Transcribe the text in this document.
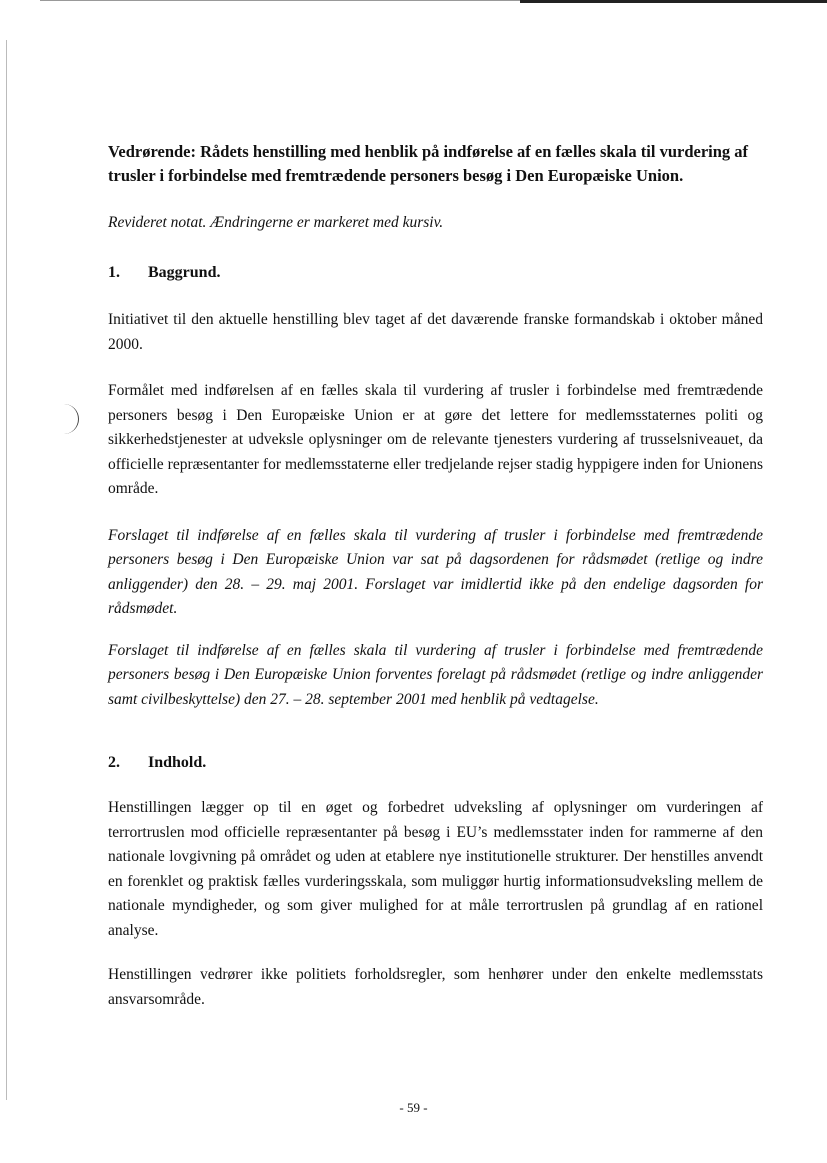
Vedrørende: Rådets henstilling med henblik på indførelse af en fælles skala til vurdering af trusler i forbindelse med fremtrædende personers besøg i Den Europæiske Union.

Revideret notat. Ændringerne er markeret med kursiv.

1.	Baggrund.

Initiativet til den aktuelle henstilling blev taget af det daværende franske formandskab i oktober måned 2000.

Formålet med indførelsen af en fælles skala til vurdering af trusler i forbindelse med fremtrædende personers besøg i Den Europæiske Union er at gøre det lettere for medlemsstaternes politi og sikkerhedstjenester at udveksle oplysninger om de relevante tjenesters vurdering af trusselsniveauet, da officielle repræsentanter for medlemsstaterne eller tredjelande rejser stadig hyppigere inden for Unionens område.

Forslaget til indførelse af en fælles skala til vurdering af trusler i forbindelse med fremtrædende personers besøg i Den Europæiske Union var sat på dagsordenen for rådsmødet (retlige og indre anliggender) den 28. – 29. maj 2001. Forslaget var imidlertid ikke på den endelige dagsorden for rådsmødet.

Forslaget til indførelse af en fælles skala til vurdering af trusler i forbindelse med fremtrædende personers besøg i Den Europæiske Union forventes forelagt på rådsmødet (retlige og indre anliggender samt civilbeskyttelse) den 27. – 28. september 2001 med henblik på vedtagelse.

2.	Indhold.

Henstillingen lægger op til en øget og forbedret udveksling af oplysninger om vurderingen af terrortruslen mod officielle repræsentanter på besøg i EU’s medlemsstater inden for rammerne af den nationale lovgivning på området og uden at etablere nye institutionelle strukturer. Der henstilles anvendt en forenklet og praktisk fælles vurderingsskala, som muliggør hurtig informationsudveksling mellem de nationale myndigheder, og som giver mulighed for at måle terrortruslen på grundlag af en rationel analyse.

Henstillingen vedrører ikke politiets forholdsregler, som henhører under den enkelte medlemsstats ansvarsområde.

- 59 -
